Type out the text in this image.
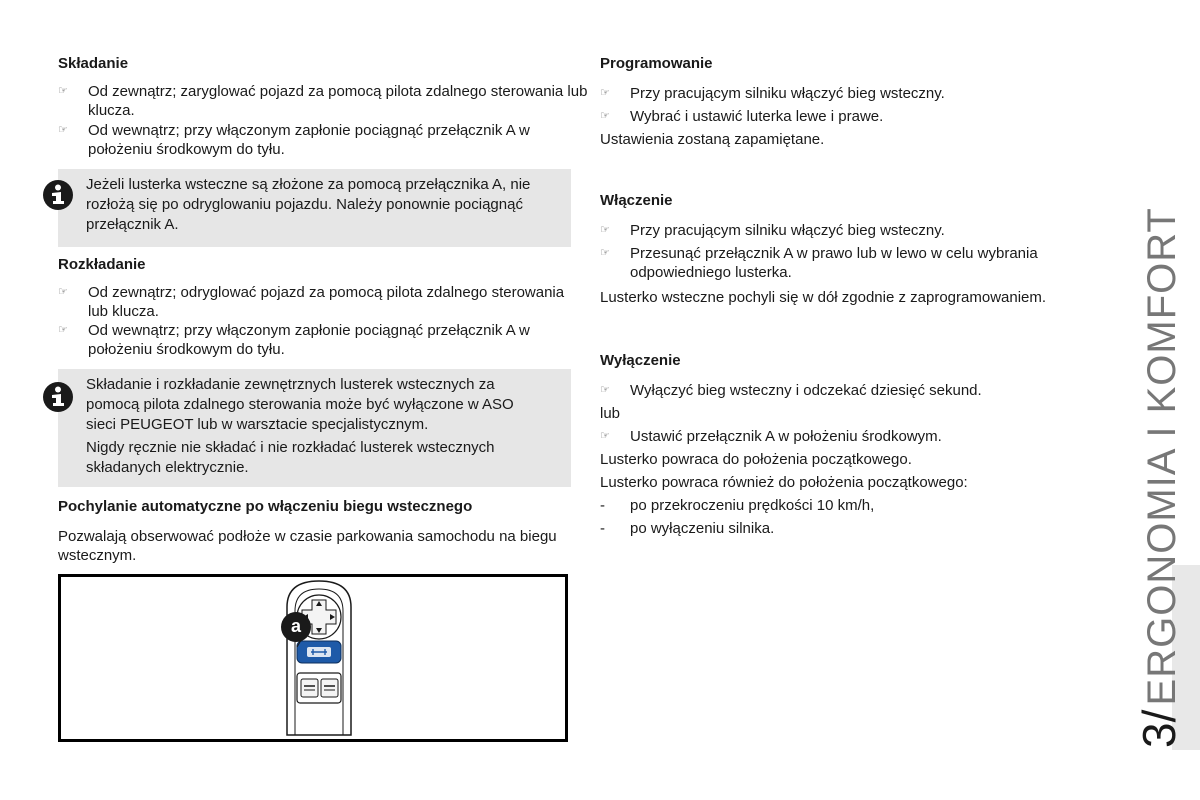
Składanie
☞	Od zewnątrz; zaryglować pojazd za pomocą pilota zdalnego sterowania lub klucza.
☞	Od wewnątrz; przy włączonym zapłonie pociągnąć przełącznik A w położeniu środkowym do tyłu.

Jeżeli lusterka wsteczne są złożone za pomocą przełącznika A, nie rozłożą się po odryglowaniu pojazdu. Należy ponownie pociągnąć przełącznik A.

Rozkładanie
☞	Od zewnątrz; odryglować pojazd za pomocą pilota zdalnego sterowania lub klucza.
☞	Od wewnątrz; przy włączonym zapłonie pociągnąć przełącznik A w położeniu środkowym do tyłu.

Składanie i rozkładanie zewnętrznych lusterek wstecznych za pomocą pilota zdalnego sterowania może być wyłączone w ASO sieci PEUGEOT lub w warsztacie specjalistycznym.

Nigdy ręcznie nie składać i nie rozkładać lusterek wstecznych składanych elektrycznie.

Pochylanie automatyczne po włączeniu biegu wstecznego
Pozwalają obserwować podłoże w czasie parkowania samochodu na biegu wstecznym.
a
Programowanie
☞	Przy pracującym silniku włączyć bieg wsteczny.
☞	Wybrać i ustawić luterka lewe i prawe.
Ustawienia zostaną zapamiętane.
Włączenie
☞	Przy pracującym silniku włączyć bieg wsteczny.
☞	Przesunąć przełącznik A w prawo lub w lewo w celu wybrania odpowiedniego lusterka.
Lusterko wsteczne pochyli się w dół zgodnie z zaprogramowaniem.
Wyłączenie
☞	Wyłączyć bieg wsteczny i odczekać dziesięć sekund.
lub
☞	Ustawić przełącznik A w położeniu środkowym.
Lusterko powraca do położenia początkowego.
Lusterko powraca również do położenia początkowego:
- po przekroczeniu prędkości 10 km/h,
- po wyłączeniu silnika.
3/ ERGONOMIA I KOMFORT
